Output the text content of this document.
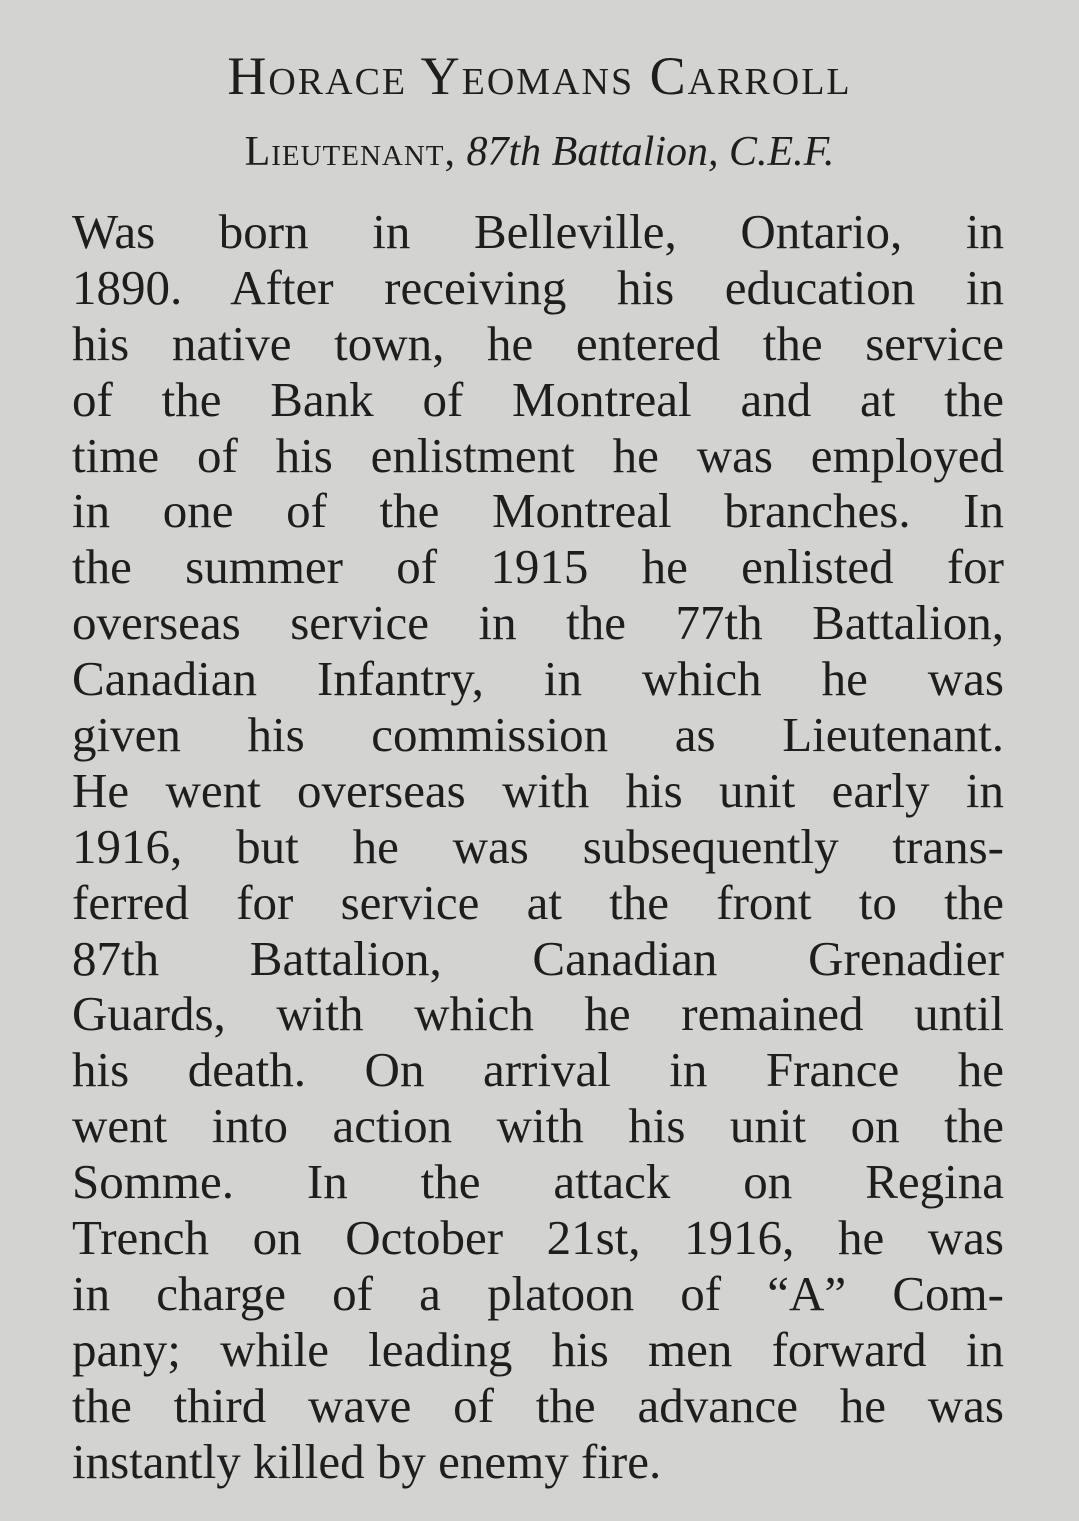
Horace Yeomans Carroll
Lieutenant, 87th Battalion, C.E.F.
Was born in Belleville, Ontario, in
1890. After receiving his education in
his native town, he entered the service
of the Bank of Montreal and at the
time of his enlistment he was employed
in one of the Montreal branches. In
the summer of 1915 he enlisted for
overseas service in the 77th Battalion,
Canadian Infantry, in which he was
given his commission as Lieutenant.
He went overseas with his unit early in
1916, but he was subsequently trans-
ferred for service at the front to the
87th Battalion, Canadian Grenadier
Guards, with which he remained until
his death. On arrival in France he
went into action with his unit on the
Somme. In the attack on Regina
Trench on October 21st, 1916, he was
in charge of a platoon of “A” Com-
pany; while leading his men forward in
the third wave of the advance he was
instantly killed by enemy fire.
